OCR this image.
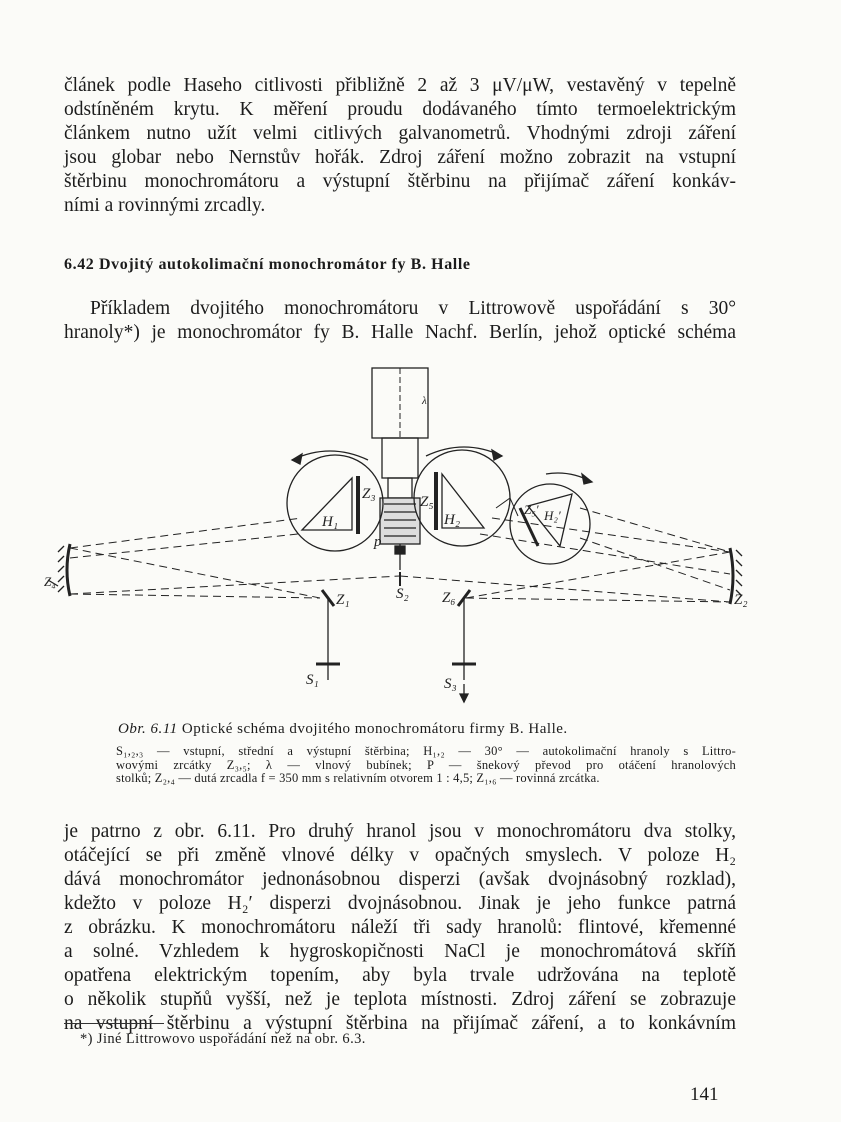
článek podle Haseho citlivosti přibližně 2 až 3 μV/μW, vestavěný v tepelně
odstíněném krytu. K měření proudu dodávaného tímto termoelektrickým
článkem nutno užít velmi citlivých galvanometrů. Vhodnými zdroji záření
jsou globar nebo Nernstův hořák. Zdroj záření možno zobrazit na vstupní
štěrbinu monochromátoru a výstupní štěrbinu na přijímač záření konkáv-
ními a rovinnými zrcadly.

6.42 Dvojitý autokolimační monochromátor fy B. Halle

Příkladem dvojitého monochromátoru v Littrowově uspořádání s 30°
hranoly*) je monochromátor fy B. Halle Nachf. Berlín, jehož optické schéma
H₁	H₂	H₂′
Z₃	Z₅	Z₅′
Z₁	Z₆
Z₄
Z₂
S₂
S₁	S₃
p
λ

Obr. 6.11 Optické schéma dvojitého monochromátoru firmy B. Halle.

S₁,₂,₃ — vstupní, střední a výstupní štěrbina; H₁,₂ — 30° — autokolimační hranoly s Littro-
wovými zrcátky Z₃,₅; λ — vlnový bubínek; P — šnekový převod pro otáčení hranolových
stolků; Z₂,₄ — dutá zrcadla f = 350 mm s relativním otvorem 1 : 4,5; Z₁,₆ — rovinná zrcátka.
je patrno z obr. 6.11. Pro druhý hranol jsou v monochromátoru dva stolky,
otáčející se při změně vlnové délky v opačných smyslech. V poloze H₂
dává monochromátor jednonásobnou disperzi (avšak dvojnásobný rozklad),
kdežto v poloze H₂′ disperzi dvojnásobnou. Jinak je jeho funkce patrná
z obrázku. K monochromátoru náleží tři sady hranolů: flintové, křemenné
a solné. Vzhledem k hygroskopičnosti NaCl je monochromátová skříň
opatřena elektrickým topením, aby byla trvale udržována na teplotě
o několik stupňů vyšší, než je teplota místnosti. Zdroj záření se zobrazuje
na vstupní štěrbinu a výstupní štěrbina na přijímač záření, a to konkávním

*) Jiné Littrowovo uspořádání než na obr. 6.3.

141
